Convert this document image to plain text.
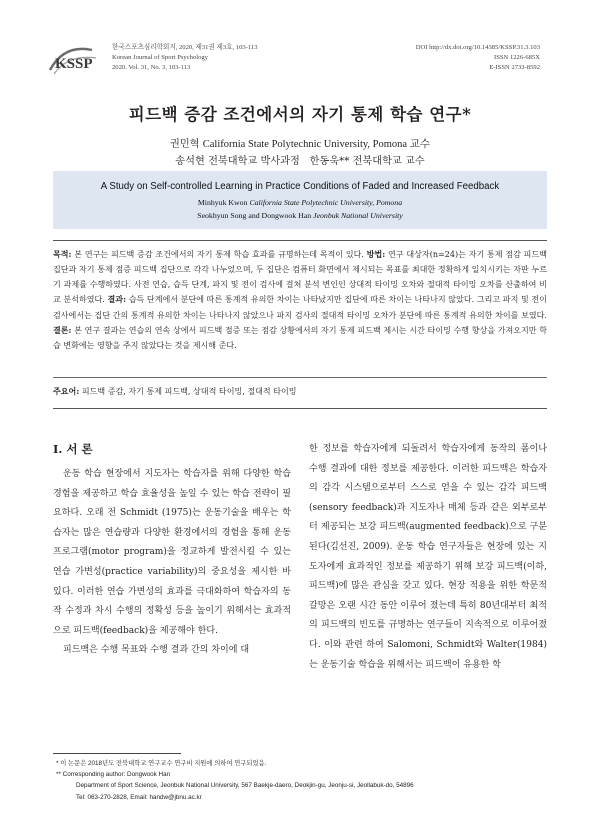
KSSP
한국스포츠심리학회지, 2020, 제31권 제3호, 103-113
Korean Journal of Sport Psychology
2020. Vol. 31, No. 3, 103-113
DOI http://dx.doi.org/10.14385/KSSP.31.3.103
ISSN 1226-685X
E-ISSN 2733-8592
피드백 증감 조건에서의 자기 통제 학습 연구*
권민혁 California State Polytechnic University, Pomona 교수
송석현 전북대학교 박사과정 한동욱** 전북대학교 교수
A Study on Self-controlled Learning in Practice Conditions of Faded and Increased Feedback
Minhyuk Kwon California State Polytechnic University, Pomona
Seokhyun Song and Dongwook Han Jeonbuk National University
목적: 본 연구는 피드백 증감 조건에서의 자기 통제 학습 효과를 규명하는데 목적이 있다. 방법: 연구 대상자(n=24)는 자기 통제 점감 피드백 집단과 자기 통제 점증 피드백 집단으로 각각 나누었으며, 두 집단은 컴퓨터 화면에서 제시되는 목표를 최대한 정확하게 일치시키는 자판 누르기 과제를 수행하였다. 사전 연습, 습득 단계, 파지 및 전이 검사에 걸쳐 분석 변인인 상대적 타이밍 오차와 절대적 타이밍 오차를 산출하여 비교 분석하였다. 결과: 습득 단계에서 분단에 따른 통계적 유의한 차이는 나타났지만 집단에 따른 차이는 나타나지 않았다. 그리고 파지 및 전이 검사에서는 집단 간의 통계적 유의한 차이는 나타나지 않았으나 파지 검사의 절대적 타이밍 오차가 분단에 따른 통계적 유의한 차이를 보였다. 결론: 본 연구 결과는 연습의 연속 상에서 피드백 점증 또는 점감 상황에서의 자기 통제 피드백 제시는 시간 타이밍 수행 향상을 가져오지만 학습 변화에는 영향을 주지 않았다는 것을 제시해 준다.
주요어: 피드백 증감, 자기 통제 피드백, 상대적 타이밍, 절대적 타이밍
I. 서 론

운동 학습 현장에서 지도자는 학습자를 위해 다양한 학습 경험을 제공하고 학습 효율성을 높일 수 있는 학습 전략이 필요하다. 오래 전 Schmidt (1975)는 운동기술을 배우는 학습자는 많은 연습량과 다양한 환경에서의 경험을 통해 운동 프로그램(motor program)을 정교하게 발전시킬 수 있는 연습 가변성(practice variability)의 중요성을 제시한 바 있다. 이러한 연습 가변성의 효과를 극대화하여 학습자의 동작 수정과 차시 수행의 정확성 등을 높이기 위해서는 효과적으로 피드백(feedback)을 제공해야 한다.

피드백은 수행 목표와 수행 결과 간의 차이에 대

한 정보를 학습자에게 되돌려서 학습자에게 동작의 폼이나 수행 결과에 대한 정보를 제공한다. 이러한 피드백은 학습자의 감각 시스템으로부터 스스로 얻을 수 있는 감각 피드백(sensory feedback)과 지도자나 매체 등과 같은 외부로부터 제공되는 보강 피드백(augmented feedback)으로 구분된다(김선진, 2009). 운동 학습 연구자들은 현장에 있는 지도자에게 효과적인 정보를 제공하기 위해 보강 피드백(이하, 피드백)에 많은 관심을 갖고 있다. 현장 적용을 위한 학문적 갈망은 오랜 시간 동안 이루어 졌는데 특히 80년대부터 최적의 피드백의 빈도를 규명하는 연구들이 지속적으로 이루어졌다. 이와 관련 하여 Salomoni, Schmidt와 Walter(1984)는 운동기술 학습을 위해서는 피드백이 유용한 학

* 이 논문은 2018년도 전북대학교 연구교수 연구비 지원에 의하여 연구되었음.
** Corresponding author: Dongwook Han
Department of Sport Science, Jeonbuk National University, 567 Baekje-daero, Deokjin-gu, Jeonju-si, Jeollabuk-do, 54896
Tel: 063-270-2828, Email: handw@jbnu.ac.kr
